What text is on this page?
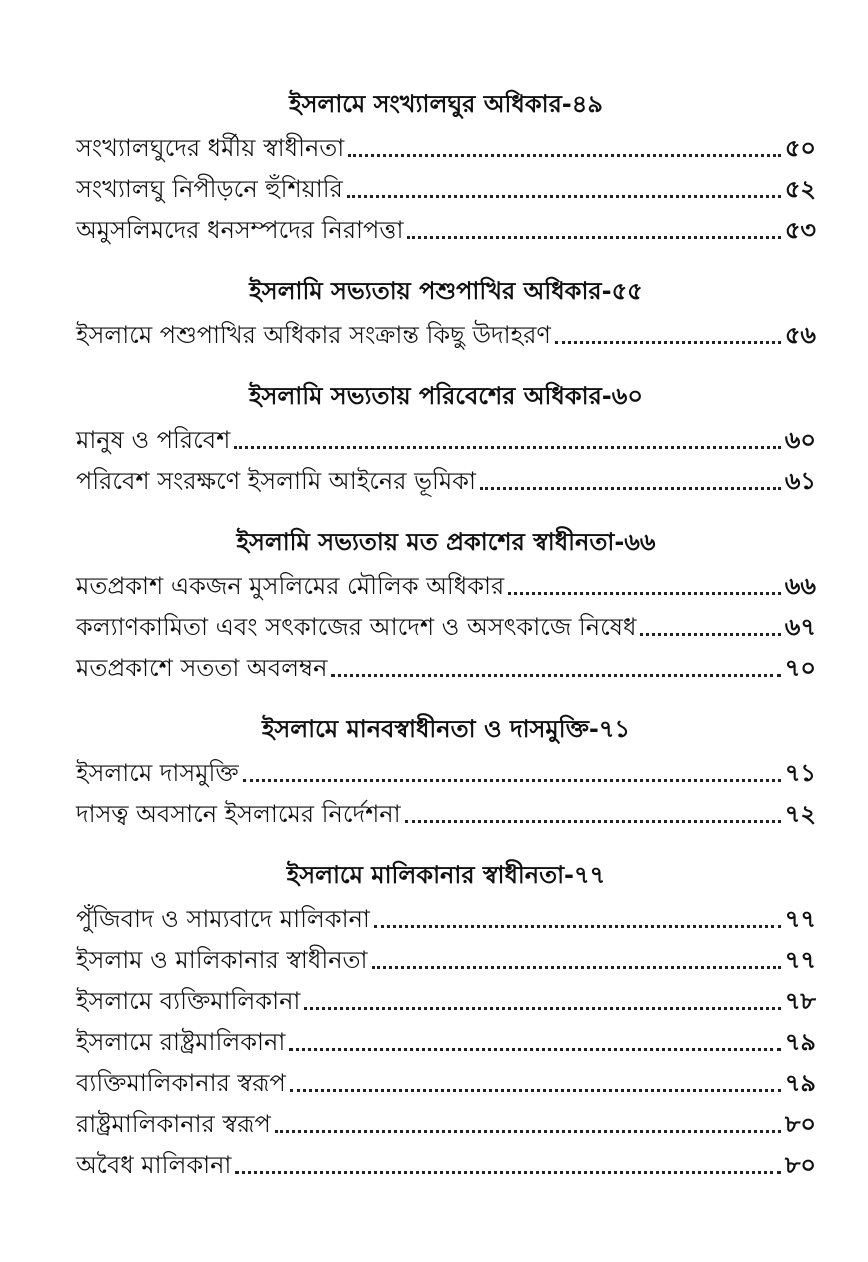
ইসলামে সংখ্যালঘুর অধিকার-৪৯
সংখ্যালঘুদের ধর্মীয় স্বাধীনতা	৫০
সংখ্যালঘু নিপীড়নে হুঁশিয়ারি	৫২
অমুসলিমদের ধনসম্পদের নিরাপত্তা	৫৩
ইসলামি সভ্যতায় পশুপাখির অধিকার-৫৫
ইসলামে পশুপাখির অধিকার সংক্রান্ত কিছু উদাহরণ	৫৬
ইসলামি সভ্যতায় পরিবেশের অধিকার-৬০
মানুষ ও পরিবেশ	৬০
পরিবেশ সংরক্ষণে ইসলামি আইনের ভূমিকা	৬১
ইসলামি সভ্যতায় মত প্রকাশের স্বাধীনতা-৬৬
মতপ্রকাশ একজন মুসলিমের মৌলিক অধিকার	৬৬
কল্যাণকামিতা এবং সৎকাজের আদেশ ও অসৎকাজে নিষেধ	৬৭
মতপ্রকাশে সততা অবলম্বন	৭০
ইসলামে মানবস্বাধীনতা ও দাসমুক্তি-৭১
ইসলামে দাসমুক্তি	৭১
দাসত্ব অবসানে ইসলামের নির্দেশনা	৭২
ইসলামে মালিকানার স্বাধীনতা-৭৭
পুঁজিবাদ ও সাম্যবাদে মালিকানা	৭৭
ইসলাম ও মালিকানার স্বাধীনতা	৭৭
ইসলামে ব্যক্তিমালিকানা	৭৮
ইসলামে রাষ্ট্রমালিকানা	৭৯
ব্যক্তিমালিকানার স্বরূপ	৭৯
রাষ্ট্রমালিকানার স্বরূপ	৮০
অবৈধ মালিকানা	৮০
